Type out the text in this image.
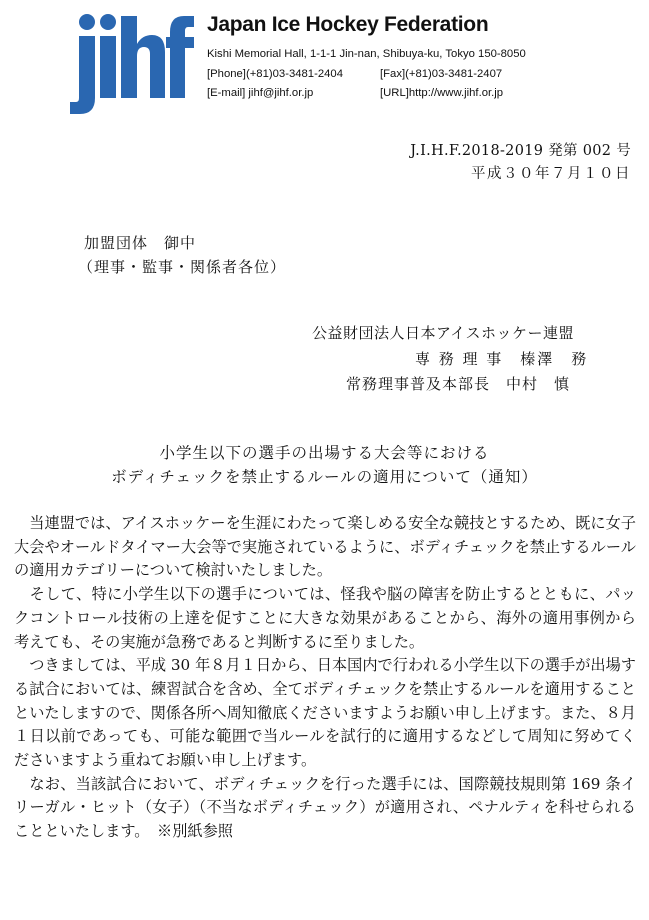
Japan Ice Hockey Federation
Kishi Memorial Hall, 1-1-1 Jin-nan, Shibuya-ku, Tokyo 150-8050
[Phone](+81)03-3481-2404	[Fax](+81)03-3481-2407
[E-mail] jihf@jihf.or.jp	[URL]http://www.jihf.or.jp
J.I.H.F.2018-2019 発第 002 号
平成３０年７月１０日
加盟団体　御中
（理事・監事・関係者各位）
公益財団法人日本アイスホッケー連盟
専 務 理 事　榛澤　務
常務理事普及本部長　中村　慎
小学生以下の選手の出場する大会等における
ボディチェックを禁止するルールの適用について（通知）

　当連盟では、アイスホッケーを生涯にわたって楽しめる安全な競技とするため、既に女子大会やオールドタイマー大会等で実施されているように、ボディチェックを禁止するルールの適用カテゴリーについて検討いたしました。

　そして、特に小学生以下の選手については、怪我や脳の障害を防止するとともに、パックコントロール技術の上達を促すことに大きな効果があることから、海外の適用事例から考えても、その実施が急務であると判断するに至りました。

　つきましては、平成 30 年８月１日から、日本国内で行われる小学生以下の選手が出場する試合においては、練習試合を含め、全てボディチェックを禁止するルールを適用することといたしますので、関係各所へ周知徹底くださいますようお願い申し上げます。また、８月１日以前であっても、可能な範囲で当ルールを試行的に適用するなどして周知に努めてくださいますよう重ねてお願い申し上げます。

　なお、当該試合において、ボディチェックを行った選手には、国際競技規則第 169 条イリーガル・ヒット（女子）（不当なボディチェック）が適用され、ペナルティを科せられることといたします。　※別紙参照
